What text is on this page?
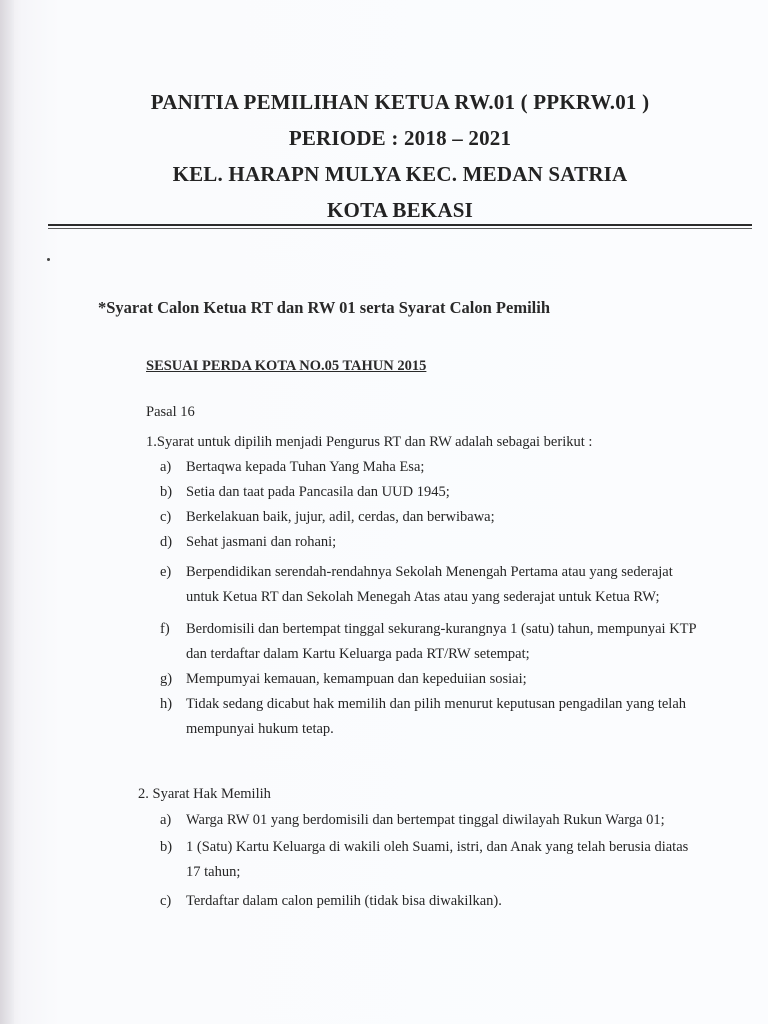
PANITIA PEMILIHAN KETUA RW.01 ( PPKRW.01 )
PERIODE : 2018 – 2021
KEL. HARAPN MULYA KEC. MEDAN SATRIA
KOTA BEKASI
*Syarat Calon Ketua RT dan RW 01 serta Syarat Calon Pemilih
SESUAI PERDA KOTA NO.05 TAHUN 2015
Pasal 16
1.Syarat untuk dipilih menjadi Pengurus RT dan RW adalah sebagai berikut :
a) Bertaqwa kepada Tuhan Yang Maha Esa;
b) Setia dan taat pada Pancasila dan UUD 1945;
c) Berkelakuan baik, jujur, adil, cerdas, dan berwibawa;
d) Sehat jasmani dan rohani;
e) Berpendidikan serendah-rendahnya Sekolah Menengah Pertama atau yang sederajat untuk Ketua RT dan Sekolah Menegah Atas atau yang sederajat untuk Ketua RW;
f) Berdomisili dan bertempat tinggal sekurang-kurangnya 1 (satu) tahun, mempunyai KTP dan terdaftar dalam Kartu Keluarga pada RT/RW setempat;
g) Mempumyai kemauan, kemampuan dan kepeduiian sosiai;
h) Tidak sedang dicabut hak memilih dan pilih menurut keputusan pengadilan yang telah mempunyai hukum tetap.
2. Syarat Hak Memilih
a) Warga RW 01 yang berdomisili dan bertempat tinggal diwilayah Rukun Warga 01;
b) 1 (Satu) Kartu Keluarga di wakili oleh Suami, istri, dan Anak yang telah berusia diatas 17 tahun;
c) Terdaftar dalam calon pemilih (tidak bisa diwakilkan).
